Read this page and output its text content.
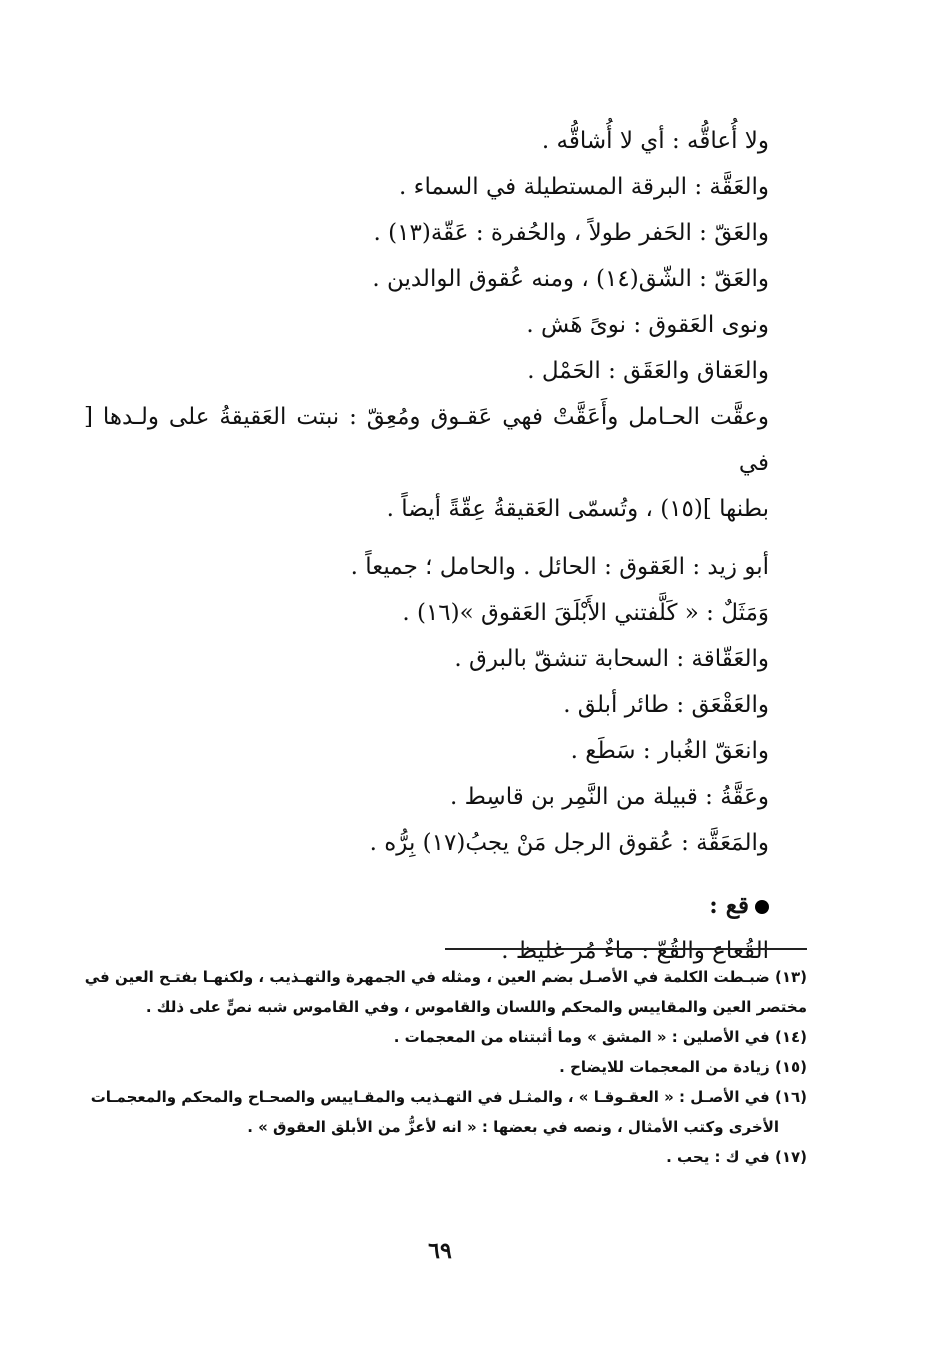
ولا أُعاقُّه : أي لا أُشاقُّه .
والعَقَّة : البرقة المستطيلة في السماء .
والعَقّ : الحَفر طولاً ، والحُفرة : عَقّة(١٣) .
والعَقّ : الشّق(١٤) ، ومنه عُقوق الوالدين .
ونوى العَقوق : نوىً هَش .
والعَقاق والعَقَق : الحَمْل .
وعقَّت الحـامل وأَعَقَّتْ فهي عَقـوق ومُعِقّ : نبتت العَقيقةُ على ولـدها [ في
بطنها ](١٥) ، وتُسمّى العَقيقةُ عِقّةً أيضاً .
أبو زيد : العَقوق : الحائل . والحامل ؛ جميعاً .
وَمَثَلٌ : « كَلَّفتني الأَبْلَقَ العَقوق »(١٦) .
والعَقّاقة : السحابة تنشقّ بالبرق .
والعَقْعَق : طائر أبلق .
وانعَقّ الغُبار : سَطَع .
وعَقَّةُ : قبيلة من النَّمِر بن قاسِط .
والمَعَقَّة : عُقوق الرجل مَنْ يجبُ(١٧) بِرُّه .
قع :
القُعاع والقُعّ : ماءٌ مُر غليظ .
(١٣) ضبـطت الكلمة في الأصـل بضم العين ، ومثله في الجمهرة والتهـذيب ، ولكنهـا بفتـح العين في
مختصر العين والمقاييس والمحكم واللسان والقاموس ، وفي القاموس شبه نصٍّ على ذلك .
(١٤) في الأصلين : « المشق » وما أثبتناه من المعجمات .
(١٥) زيادة من المعجمات للايضاح .
(١٦) في الأصـل : « العقـوقـا » ، والمثـل في التهـذيب والمقـاييس والصحـاح والمحكم والمعجمـات
الأخرى وكتب الأمثال ، ونصه في بعضها : « انه لأعزُّ من الأبلق العقوق » .
(١٧) في ك : يحب .
٦٩
